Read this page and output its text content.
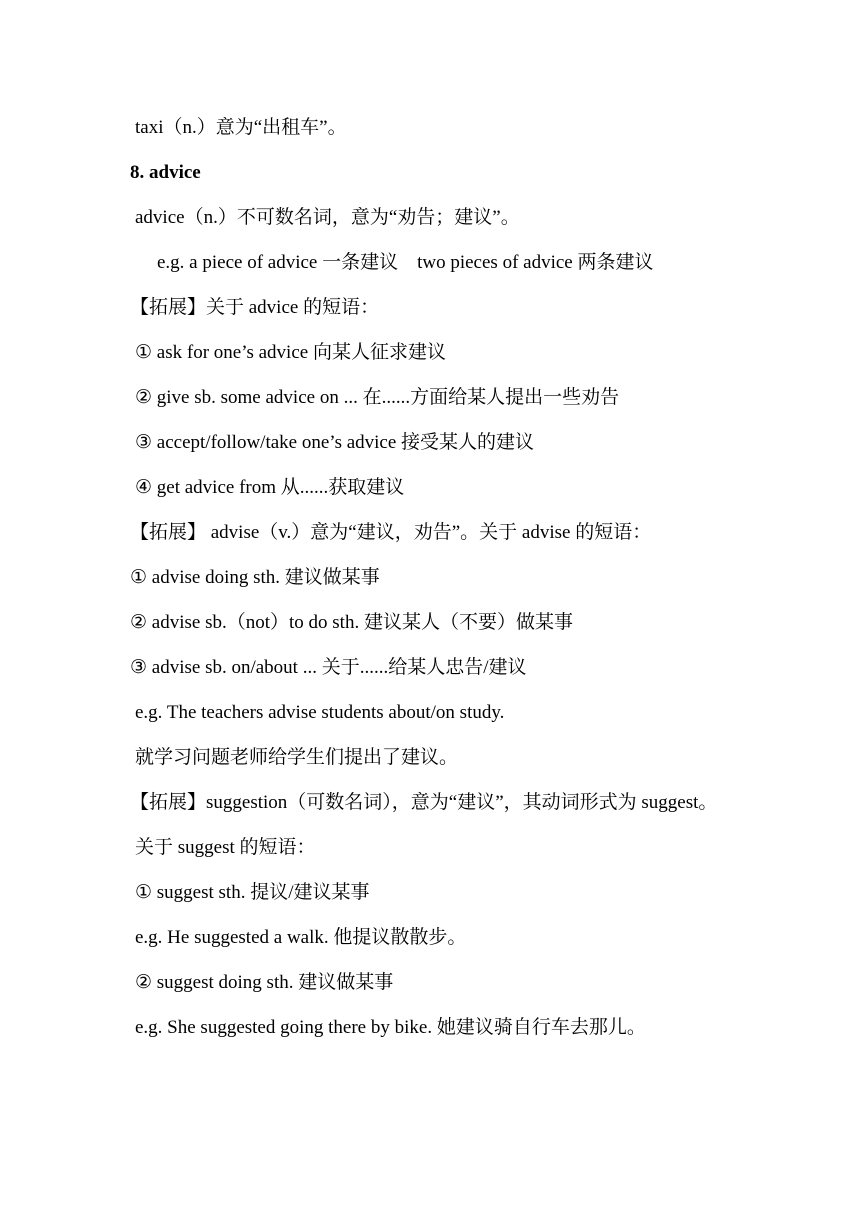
taxi（n.）意为“出租车”。
8. advice
advice（n.）不可数名词，意为“劝告；建议”。
e.g. a piece of advice 一条建议　two pieces of advice 两条建议
【拓展】关于 advice 的短语：
① ask for one’s advice 向某人征求建议
② give sb. some advice on ... 在......方面给某人提出一些劝告
③ accept/follow/take one’s advice 接受某人的建议
④ get advice from 从......获取建议
【拓展】 advise（v.）意为“建议，劝告”。关于 advise 的短语：
① advise doing sth. 建议做某事
② advise sb.（not）to do sth. 建议某人（不要）做某事
③ advise sb. on/about ... 关于......给某人忠告/建议
e.g. The teachers advise students about/on study.
就学习问题老师给学生们提出了建议。
【拓展】suggestion（可数名词），意为“建议”，其动词形式为 suggest。
关于 suggest 的短语：
① suggest sth. 提议/建议某事
e.g. He suggested a walk. 他提议散散步。
② suggest doing sth. 建议做某事
e.g. She suggested going there by bike. 她建议骑自行车去那儿。
